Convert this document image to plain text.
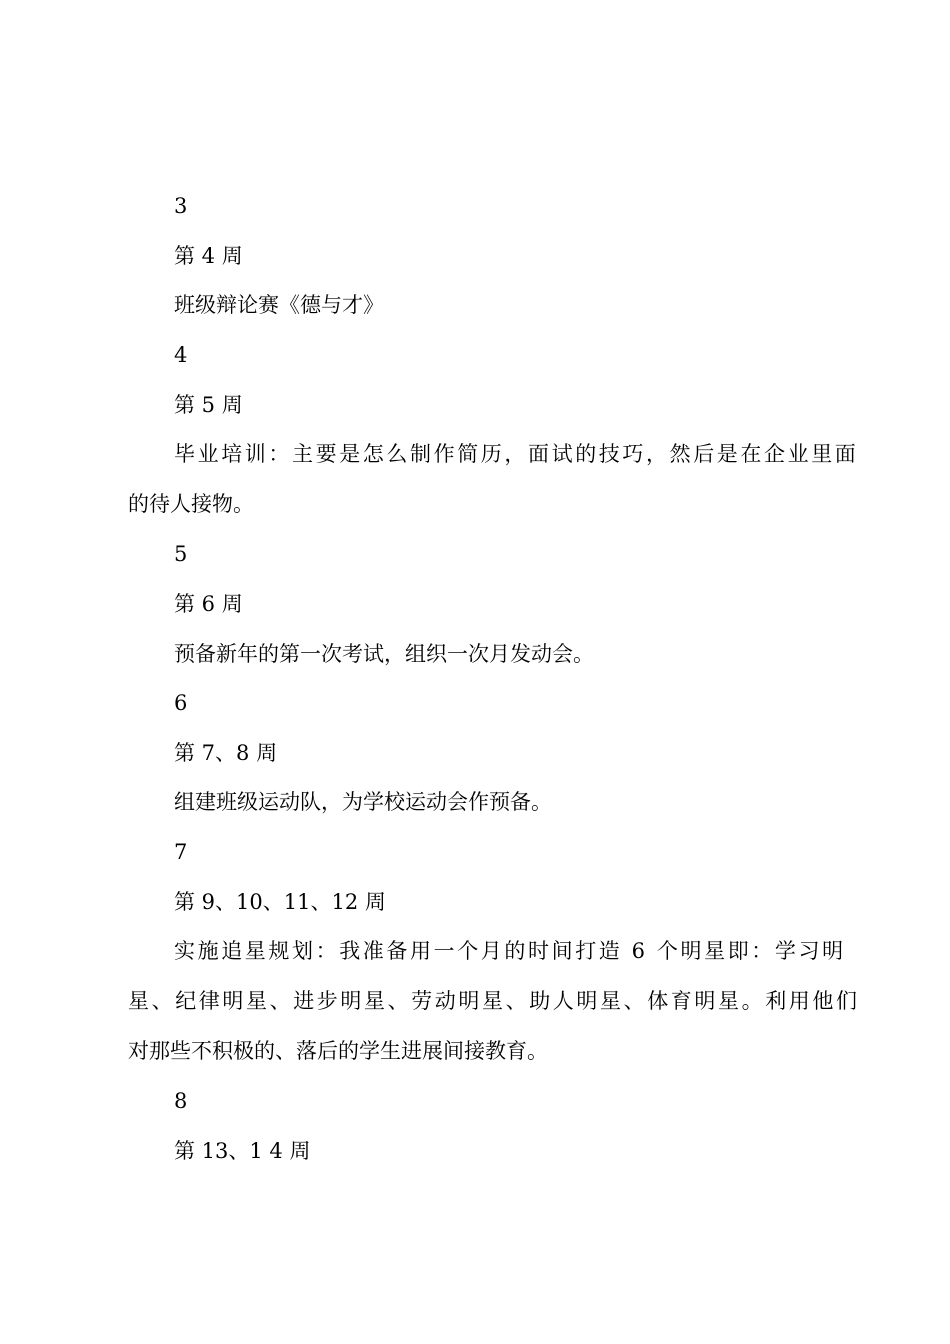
3
第 4 周
班级辩论赛《德与才》
4
第 5 周
毕业培训：主要是怎么制作简历，面试的技巧，然后是在企业里面
的待人接物。
5
第 6 周
预备新年的第一次考试，组织一次月发动会。
6
第 7、8 周
组建班级运动队，为学校运动会作预备。
7
第 9、10、11、12 周
实施追星规划：我准备用一个月的时间打造 6 个明星即：学习明
星、纪律明星、进步明星、劳动明星、助人明星、体育明星。利用他们
对那些不积极的、落后的学生进展间接教育。
8
第 13、1 4 周
